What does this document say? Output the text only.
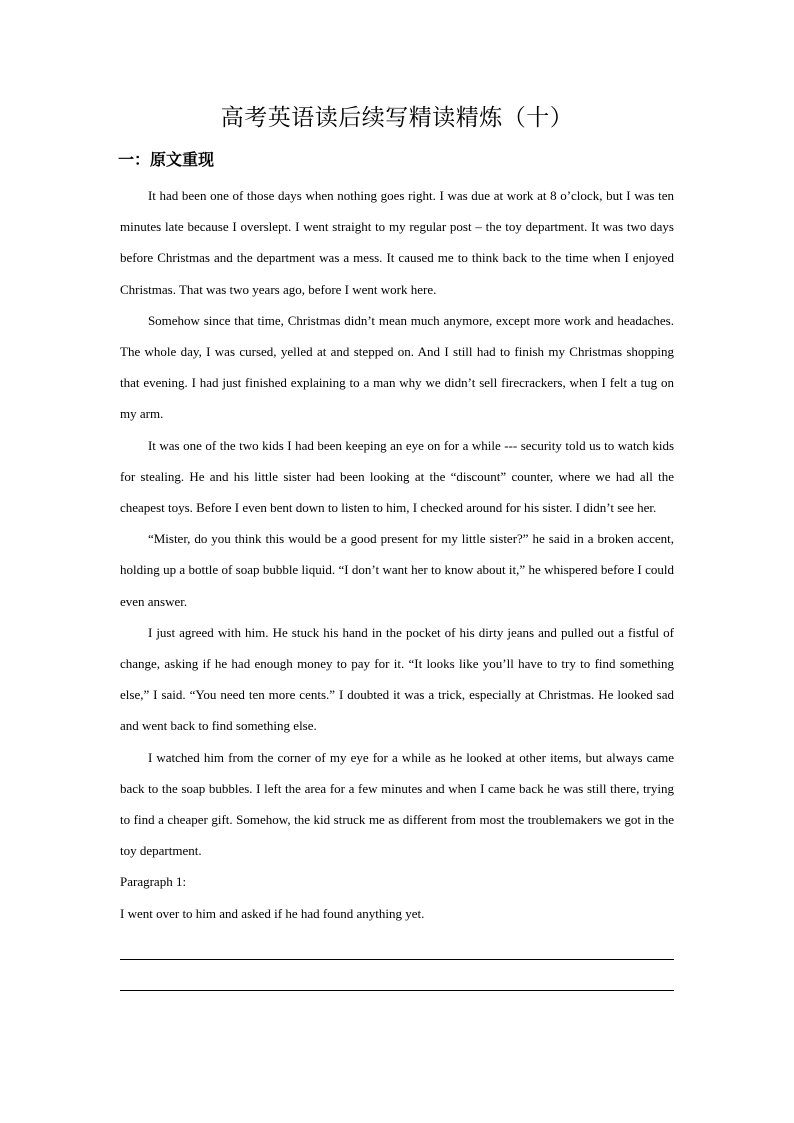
高考英语读后续写精读精炼（十）
一：原文重现

It had been one of those days when nothing goes right. I was due at work at 8 o’clock, but I was ten minutes late because I overslept. I went straight to my regular post – the toy department. It was two days before Christmas and the department was a mess. It caused me to think back to the time when I enjoyed Christmas. That was two years ago, before I went work here.

Somehow since that time, Christmas didn’t mean much anymore, except more work and headaches. The whole day, I was cursed, yelled at and stepped on. And I still had to finish my Christmas shopping that evening. I had just finished explaining to a man why we didn’t sell firecrackers, when I felt a tug on my arm.

It was one of the two kids I had been keeping an eye on for a while --- security told us to watch kids for stealing. He and his little sister had been looking at the “discount” counter, where we had all the cheapest toys. Before I even bent down to listen to him, I checked around for his sister. I didn’t see her.

“Mister, do you think this would be a good present for my little sister?” he said in a broken accent, holding up a bottle of soap bubble liquid. “I don’t want her to know about it,” he whispered before I could even answer.

I just agreed with him. He stuck his hand in the pocket of his dirty jeans and pulled out a fistful of change, asking if he had enough money to pay for it. “It looks like you’ll have to try to find something else,” I said. “You need ten more cents.” I doubted it was a trick, especially at Christmas. He looked sad and went back to find something else.

I watched him from the corner of my eye for a while as he looked at other items, but always came back to the soap bubbles. I left the area for a few minutes and when I came back he was still there, trying to find a cheaper gift. Somehow, the kid struck me as different from most the troublemakers we got in the toy department.

Paragraph 1:

I went over to him and asked if he had found anything yet.
